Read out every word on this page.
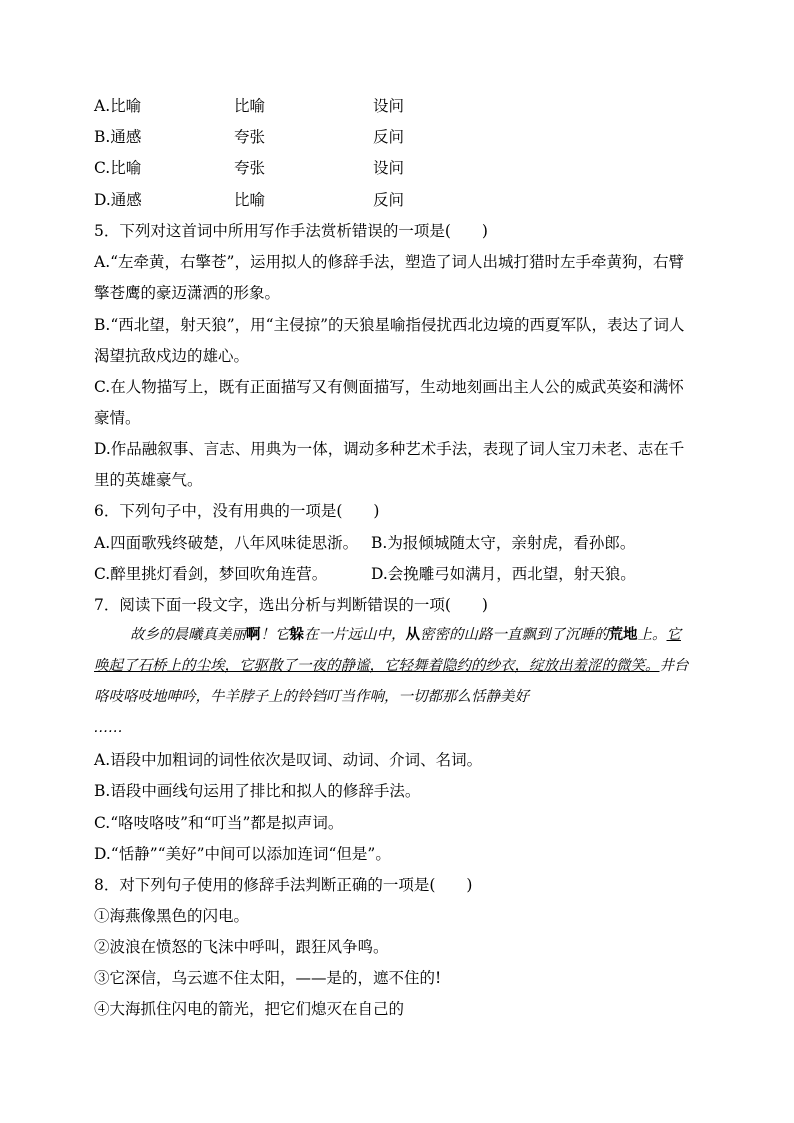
A.比喻	比喻	设问
B.通感	夸张	反问
C.比喻	夸张	设问
D.通感	比喻	反问
5．下列对这首词中所用写作手法赏析错误的一项是(　　)
A.“左牵黄，右擎苍”，运用拟人的修辞手法，塑造了词人出城打猎时左手牵黄狗，右臂擎苍鹰的豪迈潇洒的形象。
B.“西北望，射天狼”，用“主侵掠”的天狼星喻指侵扰西北边境的西夏军队，表达了词人渴望抗敌戍边的雄心。
C.在人物描写上，既有正面描写又有侧面描写，生动地刻画出主人公的威武英姿和满怀豪情。
D.作品融叙事、言志、用典为一体，调动多种艺术手法，表现了词人宝刀未老、志在千里的英雄豪气。
6．下列句子中，没有用典的一项是(　　)
A.四面歌残终破楚，八年风味徒思浙。 B.为报倾城随太守，亲射虎，看孙郎。
C.醉里挑灯看剑，梦回吹角连营。	D.会挽雕弓如满月，西北望，射天狼。
7．阅读下面一段文字，选出分析与判断错误的一项(　　)
故乡的晨曦真美丽啊！它躲在一片远山中，从密密的山路一直飘到了沉睡的荒地上。它唤起了石桥上的尘埃，它驱散了一夜的静谧，它轻舞着隐约的纱衣，绽放出羞涩的微笑。井台咯吱咯吱地呻吟，牛羊脖子上的铃铛叮当作响，一切都那么恬静美好
……
A.语段中加粗词的词性依次是叹词、动词、介词、名词。
B.语段中画线句运用了排比和拟人的修辞手法。
C.“咯吱咯吱”和“叮当”都是拟声词。
D.“恬静”“美好”中间可以添加连词“但是”。
8．对下列句子使用的修辞手法判断正确的一项是(　　)
①海燕像黑色的闪电。
②波浪在愤怒的飞沫中呼叫，跟狂风争鸣。
③它深信，乌云遮不住太阳，——是的，遮不住的!
④大海抓住闪电的箭光，把它们熄灭在自己的
